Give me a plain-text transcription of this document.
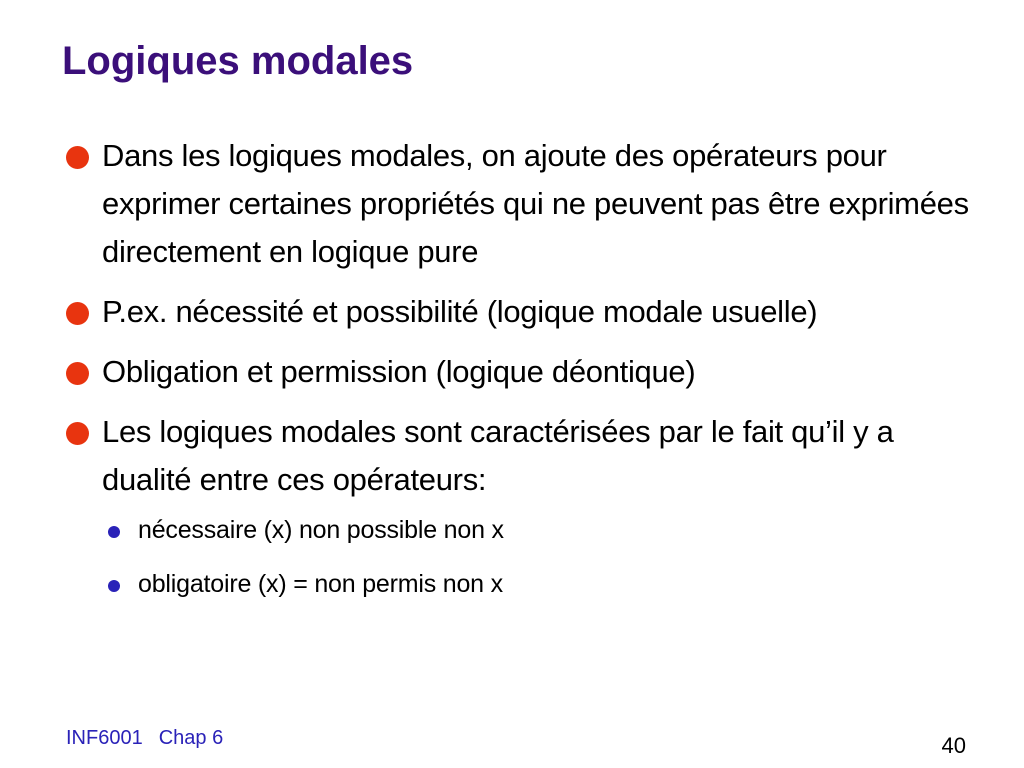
Logiques modales
Dans les logiques modales, on ajoute des opérateurs pour exprimer certaines propriétés qui ne peuvent pas être exprimées directement en logique pure
P.ex. nécessité et possibilité (logique modale usuelle)
Obligation et permission (logique déontique)
Les logiques modales sont caractérisées par le fait qu’il y a dualité entre ces opérateurs:
nécessaire (x) non possible non x
obligatoire (x) = non permis non x
INF6001 Chap 6	40
